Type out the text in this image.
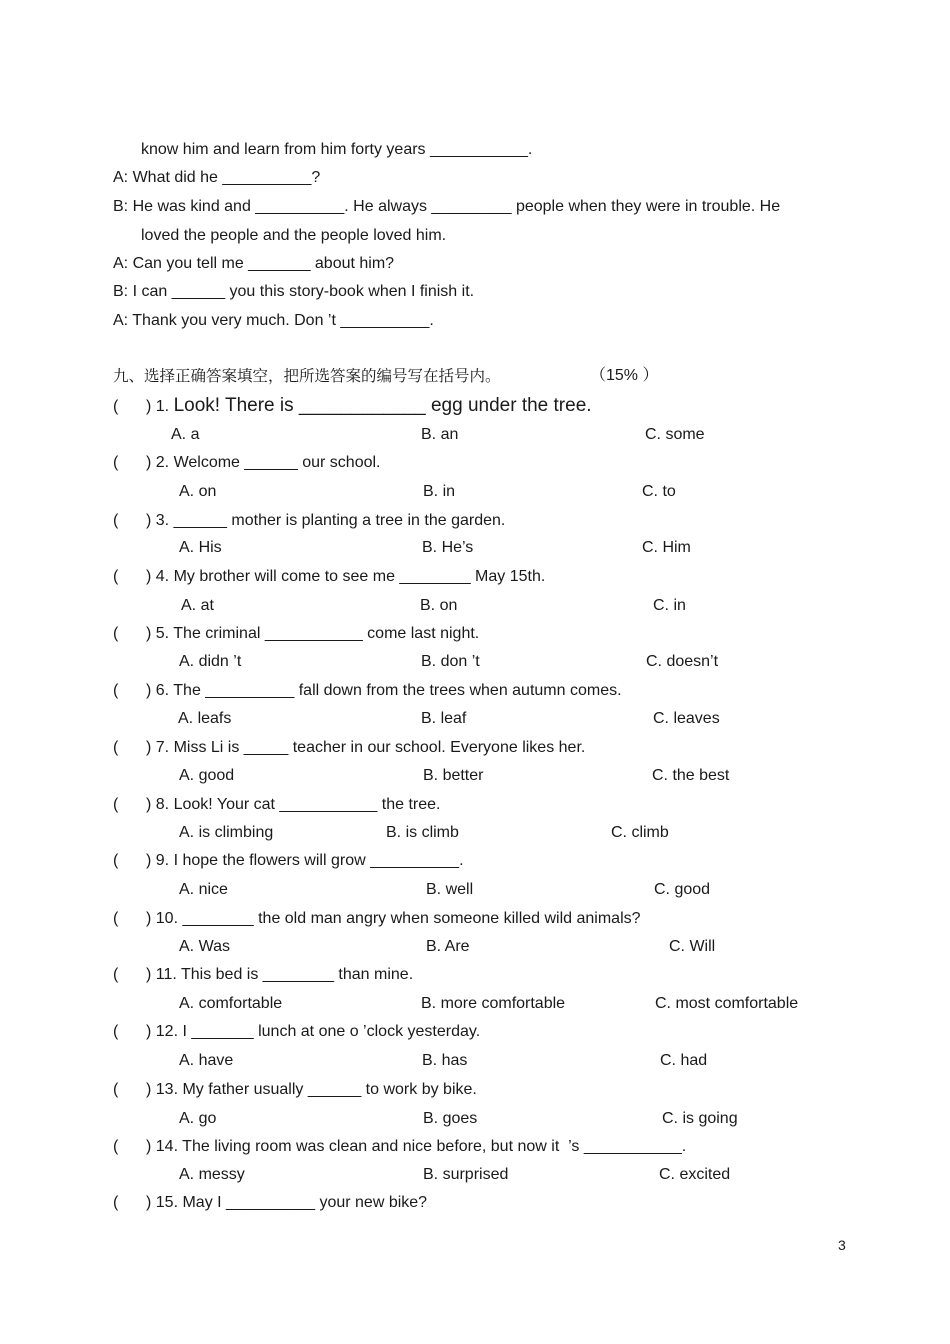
know him and learn from him forty years ___________.
A: What did he __________?
B: He was kind and __________. He always _________ people when they were in trouble. He
loved the people and the people loved him.
A: Can you tell me _______ about him?
B: I can ______ you this story-book when I finish it.
A: Thank you very much. Don ’t __________.
九、选择正确答案填空，把所选答案的编号写在括号内。	（15% ）
( ) 1. Look! There is ____________ egg under the tree.
A. a	B. an	C. some
( ) 2. Welcome ______ our school.
A. on	B. in	C. to
( ) 3. ______ mother is planting a tree in the garden.
A. His	B. He’s	C. Him
( ) 4. My brother will come to see me ________ May 15th.
A. at	B. on	C. in
( ) 5. The criminal ___________ come last night.
A. didn ’t	B. don ’t	C. doesn’t
( ) 6. The __________ fall down from the trees when autumn comes.
A. leafs	B. leaf	C. leaves
( ) 7. Miss Li is _____ teacher in our school. Everyone likes her.
A. good	B. better	C. the best
( ) 8. Look! Your cat ___________ the tree.
A. is climbing	B. is climb	C. climb
( ) 9. I hope the flowers will grow __________.
A. nice	B. well	C. good
( ) 10. ________ the old man angry when someone killed wild animals?
A. Was	B. Are	C. Will
( ) 11. This bed is ________ than mine.
A. comfortable	B. more comfortable	C. most comfortable
( ) 12. I _______ lunch at one o ’clock yesterday.
A. have	B. has	C. had
( ) 13. My father usually ______ to work by bike.
A. go	B. goes	C. is going
( ) 14. The living room was clean and nice before, but now it  ’s ___________.
A. messy	B. surprised	C. excited
( ) 15. May I __________ your new bike?
3
